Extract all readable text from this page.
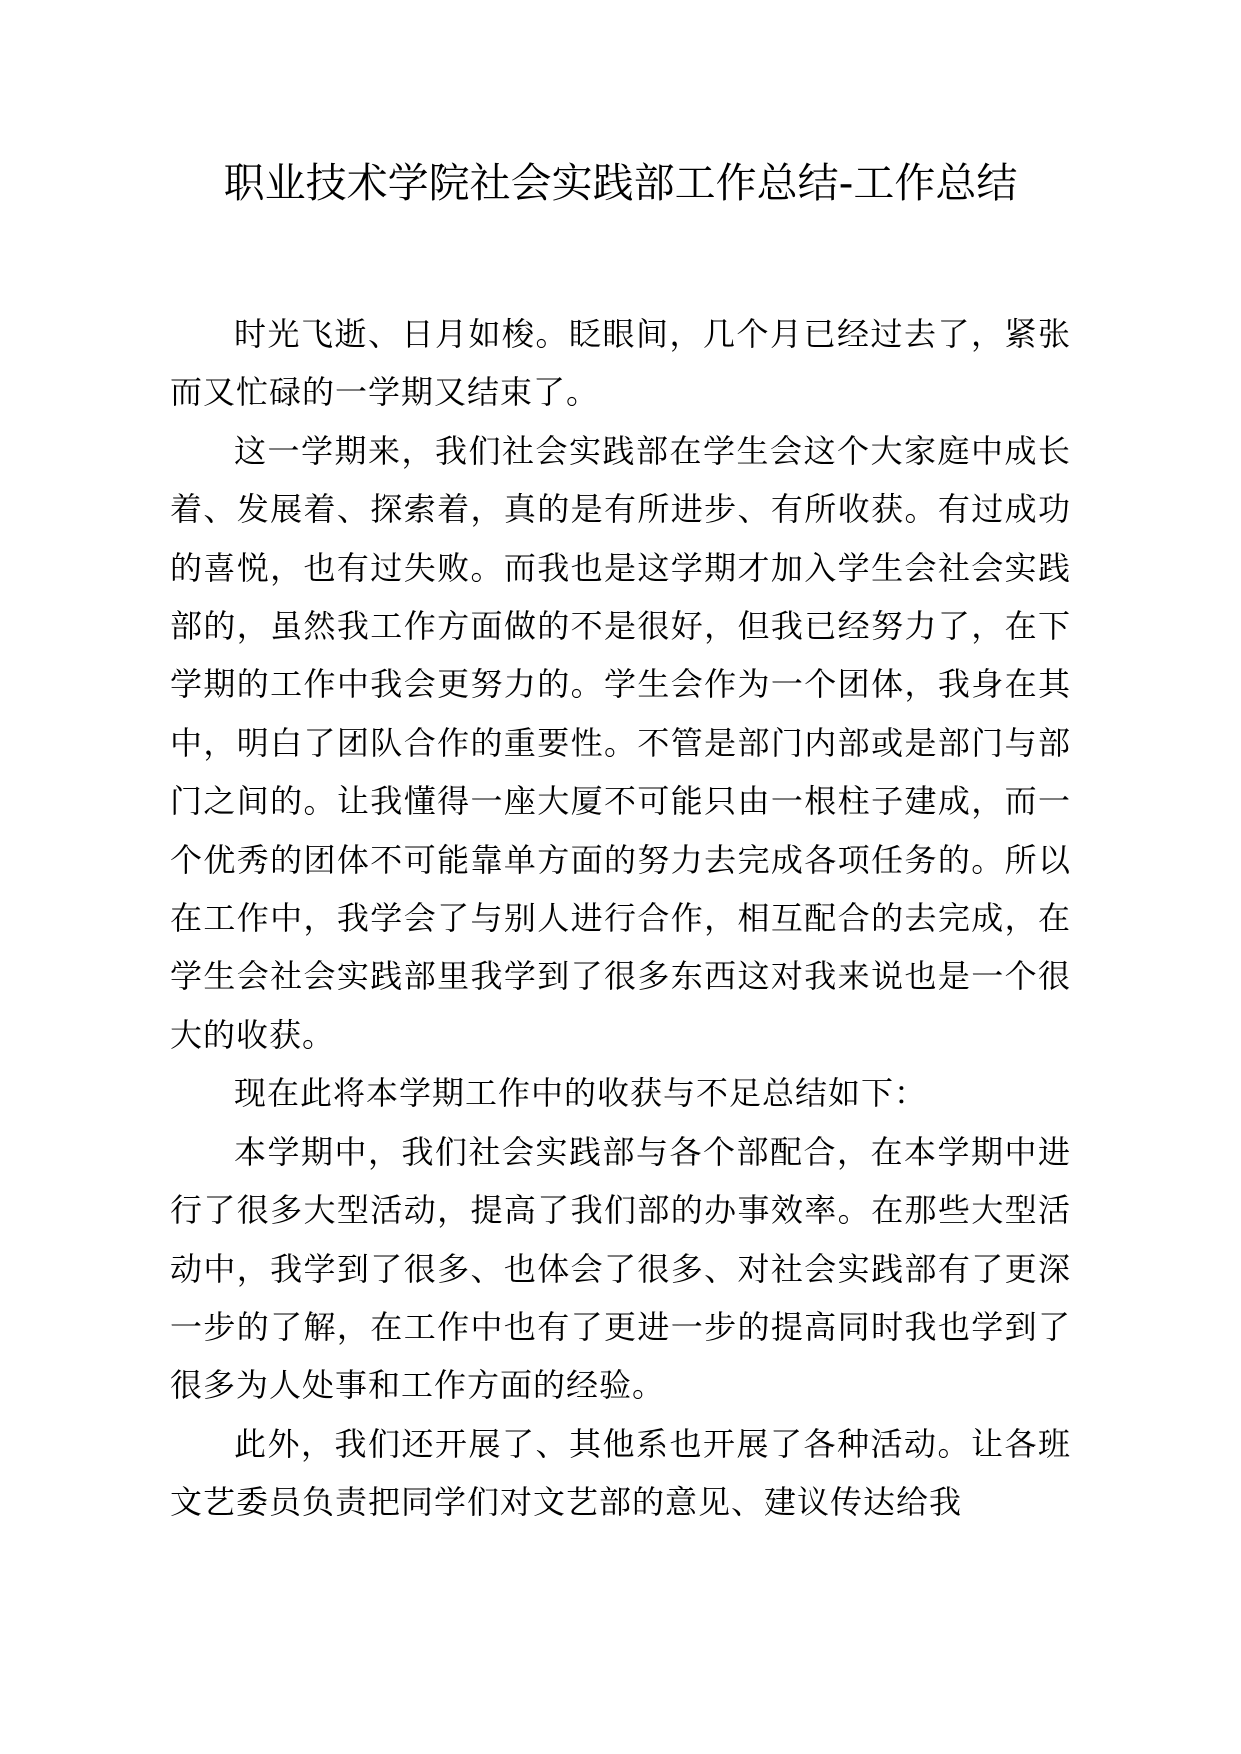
职业技术学院社会实践部工作总结-工作总结

时光飞逝、日月如梭。眨眼间，几个月已经过去了，紧张而又忙碌的一学期又结束了。

这一学期来，我们社会实践部在学生会这个大家庭中成长着、发展着、探索着，真的是有所进步、有所收获。有过成功的喜悦，也有过失败。而我也是这学期才加入学生会社会实践部的，虽然我工作方面做的不是很好，但我已经努力了，在下学期的工作中我会更努力的。学生会作为一个团体，我身在其中，明白了团队合作的重要性。不管是部门内部或是部门与部门之间的。让我懂得一座大厦不可能只由一根柱子建成，而一个优秀的团体不可能靠单方面的努力去完成各项任务的。所以在工作中，我学会了与别人进行合作，相互配合的去完成，在学生会社会实践部里我学到了很多东西这对我来说也是一个很大的收获。

现在此将本学期工作中的收获与不足总结如下：

本学期中，我们社会实践部与各个部配合，在本学期中进行了很多大型活动，提高了我们部的办事效率。在那些大型活动中，我学到了很多、也体会了很多、对社会实践部有了更深一步的了解，在工作中也有了更进一步的提高同时我也学到了很多为人处事和工作方面的经验。

此外，我们还开展了、其他系也开展了各种活动。让各班文艺委员负责把同学们对文艺部的意见、建议传达给我
